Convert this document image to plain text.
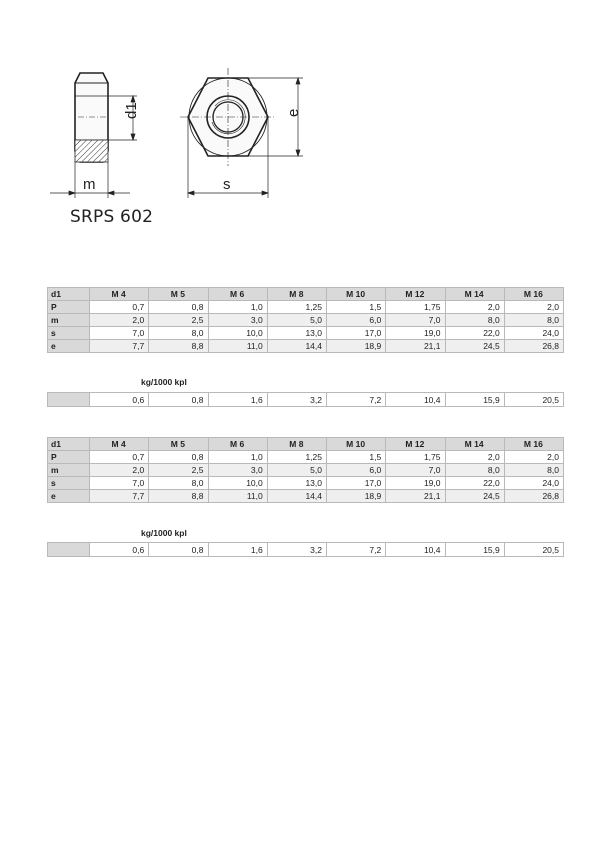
d1
m
e
s
SRPS 602
d1	M 4	M 5	M 6	M 8	M 10	M 12	M 14	M 16
P	0,7	0,8	1,0	1,25	1,5	1,75	2,0	2,0
m	2,0	2,5	3,0	5,0	6,0	7,0	8,0	8,0
s	7,0	8,0	10,0	13,0	17,0	19,0	22,0	24,0
e	7,7	8,8	11,0	14,4	18,9	21,1	24,5	26,8
kg/1000 kpl
	0,6	0,8	1,6	3,2	7,2	10,4	15,9	20,5
d1	M 4	M 5	M 6	M 8	M 10	M 12	M 14	M 16
P	0,7	0,8	1,0	1,25	1,5	1,75	2,0	2,0
m	2,0	2,5	3,0	5,0	6,0	7,0	8,0	8,0
s	7,0	8,0	10,0	13,0	17,0	19,0	22,0	24,0
e	7,7	8,8	11,0	14,4	18,9	21,1	24,5	26,8
kg/1000 kpl
	0,6	0,8	1,6	3,2	7,2	10,4	15,9	20,5
